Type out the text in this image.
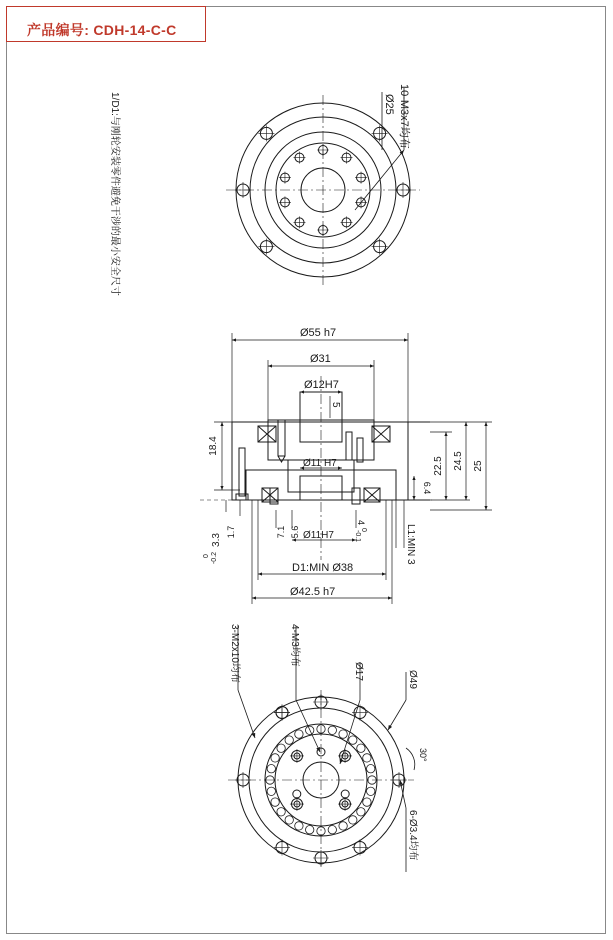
产品编号: CDH-14-C-C
1/D1:与刚轮安装零件避免干涉的最小安全尺寸	10-M3x7均布
Ø25
Ø55 h7
Ø31
Ø12H7
5
Ø11 H7
18.4
22.5 24.5 25
6.4
1.7
3.3
0 -0.2
7.1 5.6
4
0
-0.1
Ø11H7	L1:MIN 3
D1:MIN Ø38
Ø42.5 h7
3-M2x10均布	4-M3均布
Ø17	Ø49
30°
6-Ø3.4均布
